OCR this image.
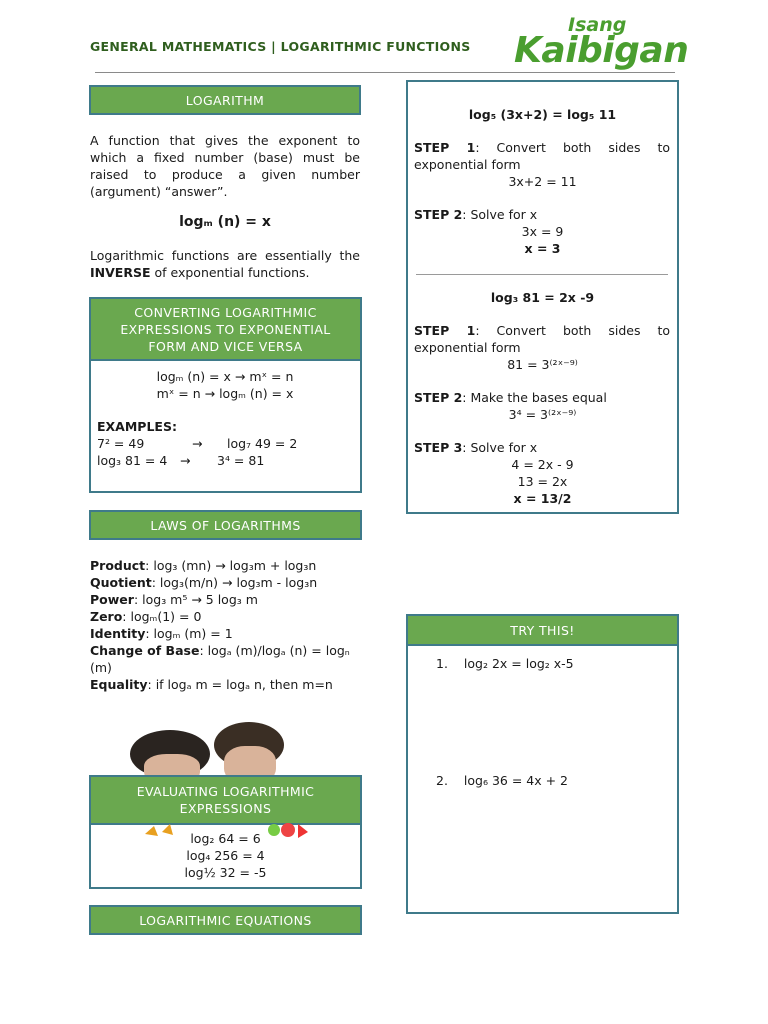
GENERAL MATHEMATICS | LOGARITHMIC FUNCTIONS
Isang
Kaibigan
LOGARITHM
A function that gives the exponent to which a fixed number (base) must be raised to produce a given number (argument) “answer”.
logₘ (n) = x
Logarithmic functions are essentially the INVERSE of exponential functions.
CONVERTING LOGARITHMIC EXPRESSIONS TO EXPONENTIAL FORM AND VICE VERSA
logₘ (n) = x → mˣ = n
mˣ = n → logₘ (n) = x
EXAMPLES:
7² = 49	→ log₇ 49 = 2
log₃ 81 = 4 → 3⁴ = 81
LAWS OF LOGARITHMS
Product: log₃ (mn) → log₃m + log₃n
Quotient: log₃(m/n) → log₃m - log₃n
Power: log₃ m⁵ → 5 log₃ m
Zero: logₘ(1) = 0
Identity: logₘ (m) = 1
Change of Base: logₐ (m)/logₐ (n) = logₙ (m)
Equality: if logₐ m = logₐ n, then m=n
EVALUATING LOGARITHMIC EXPRESSIONS
log₂ 64 = 6
log₄ 256 = 4
log½ 32 = -5
LOGARITHMIC EQUATIONS
log₅ (3x+2) = log₅ 11
STEP 1: Convert both sides to exponential form
3x+2 = 11
STEP 2: Solve for x
3x = 9
x = 3
log₃ 81 = 2x -9
STEP 1: Convert both sides to exponential form
81 = 3⁽²ˣ⁻⁹⁾
STEP 2: Make the bases equal
3⁴ = 3⁽²ˣ⁻⁹⁾
STEP 3: Solve for x
4 = 2x - 9
13 = 2x
x = 13/2
TRY THIS!
1. log₂ 2x = log₂ x-5
2. log₆ 36 = 4x + 2
